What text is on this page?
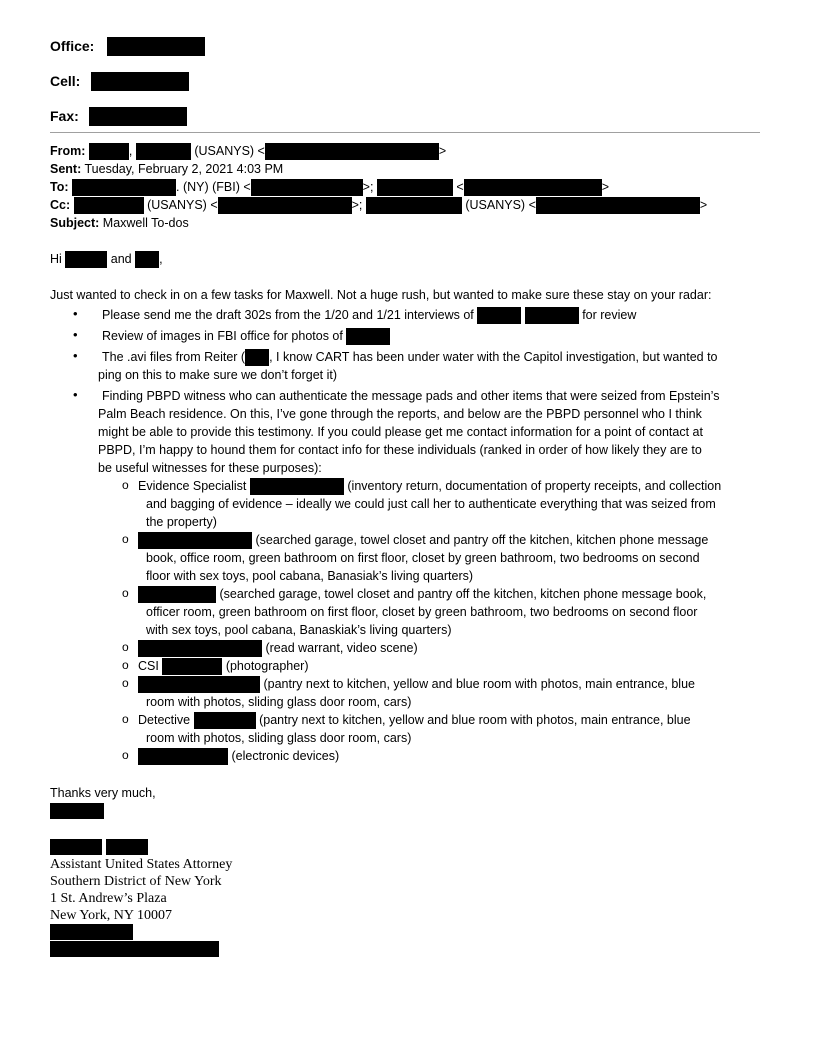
Office:
Cell:
Fax:
From:	,	(USANYS) <	>
Sent: Tuesday, February 2, 2021 4:03 PM
To:	. (NY) (FBI) <	>;	<	>
Cc:	(USANYS) <	>;	(USANYS) <	>
Subject: Maxwell To-dos
Hi	and ,
Just wanted to check in on a few tasks for Maxwell. Not a huge rush, but wanted to make sure these stay on your radar:
• Please send me the draft 302s from the 1/20 and 1/21 interviews of	for review
• Review of images in FBI office for photos of
• The .avi files from Reiter ( , I know CART has been under water with the Capitol investigation, but wanted to
ping on this to make sure we don’t forget it)
• Finding PBPD witness who can authenticate the message pads and other items that were seized from Epstein’s
Palm Beach residence. On this, I’ve gone through the reports, and below are the PBPD personnel who I think
might be able to provide this testimony. If you could please get me contact information for a point of contact at
PBPD, I’m happy to hound them for contact info for these individuals (ranked in order of how likely they are to
be useful witnesses for these purposes):
o Evidence Specialist	(inventory return, documentation of property receipts, and collection
and bagging of evidence – ideally we could just call her to authenticate everything that was seized from
the property)
o	(searched garage, towel closet and pantry off the kitchen, kitchen phone message
book, office room, green bathroom on first floor, closet by green bathroom, two bedrooms on second
floor with sex toys, pool cabana, Banasiak’s living quarters)
o	(searched garage, towel closet and pantry off the kitchen, kitchen phone message book,
officer room, green bathroom on first floor, closet by green bathroom, two bedrooms on second floor
with sex toys, pool cabana, Banaskiak’s living quarters)
o	(read warrant, video scene)
o CSI	(photographer)
o	(pantry next to kitchen, yellow and blue room with photos, main entrance, blue
room with photos, sliding glass door room, cars)
o Detective	(pantry next to kitchen, yellow and blue room with photos, main entrance, blue
room with photos, sliding glass door room, cars)
o	(electronic devices)
Thanks very much,
Assistant United States Attorney
Southern District of New York
1 St. Andrew’s Plaza
New York, NY 10007
